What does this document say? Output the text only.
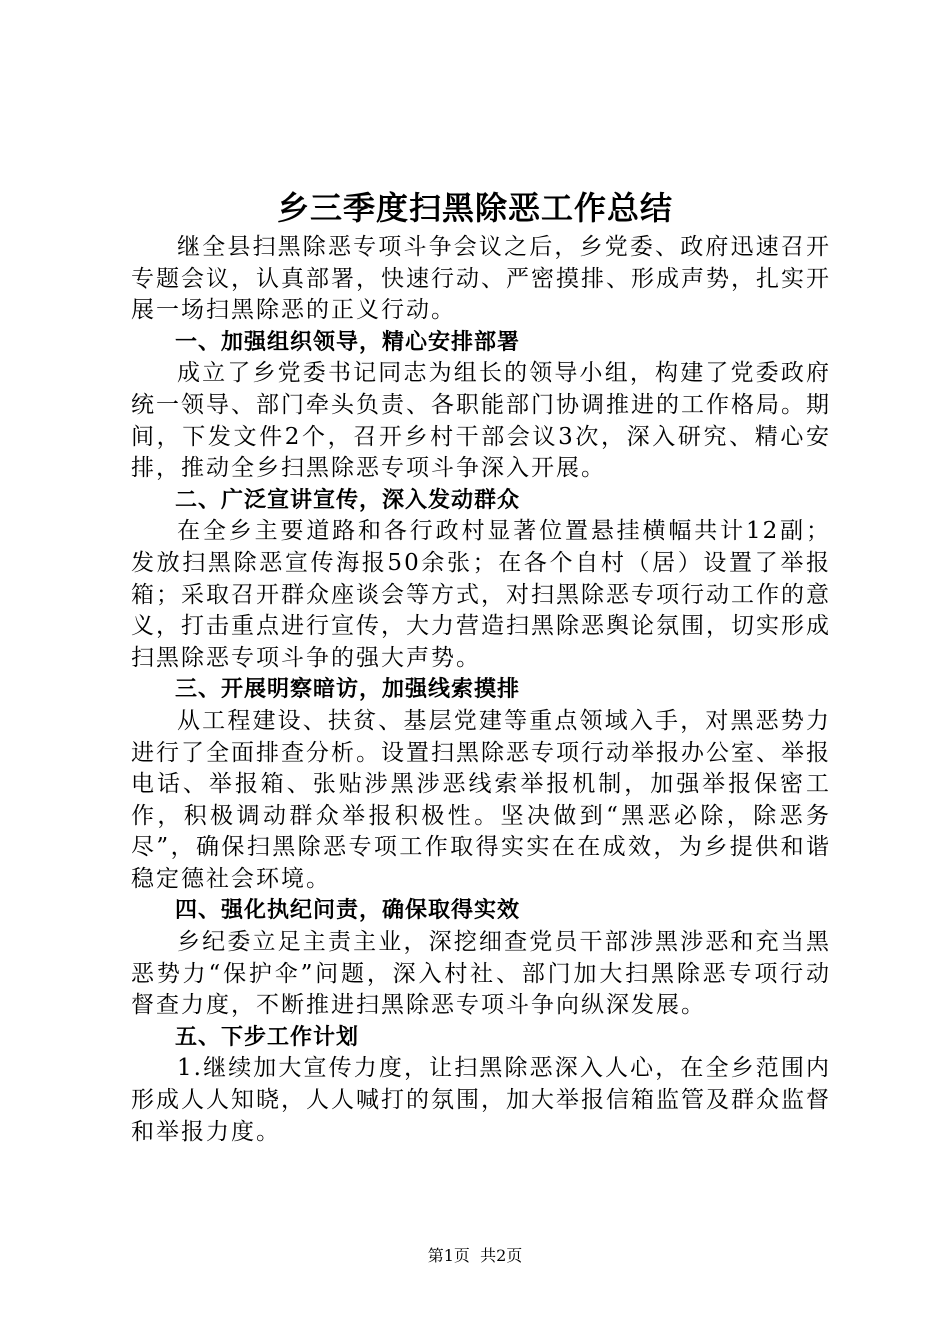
乡三季度扫黑除恶工作总结

继全县扫黑除恶专项斗争会议之后，乡党委、政府迅速召开专题会议，认真部署，快速行动、严密摸排、形成声势，扎实开展一场扫黑除恶的正义行动。

一、加强组织领导，精心安排部署

成立了乡党委书记同志为组长的领导小组，构建了党委政府统一领导、部门牵头负责、各职能部门协调推进的工作格局。期间，下发文件2个，召开乡村干部会议3次，深入研究、精心安排，推动全乡扫黑除恶专项斗争深入开展。

二、广泛宣讲宣传，深入发动群众

在全乡主要道路和各行政村显著位置悬挂横幅共计12副；发放扫黑除恶宣传海报50余张；在各个自村（居）设置了举报箱；采取召开群众座谈会等方式，对扫黑除恶专项行动工作的意义，打击重点进行宣传，大力营造扫黑除恶舆论氛围，切实形成扫黑除恶专项斗争的强大声势。

三、开展明察暗访，加强线索摸排

从工程建设、扶贫、基层党建等重点领域入手，对黑恶势力进行了全面排查分析。设置扫黑除恶专项行动举报办公室、举报电话、举报箱、张贴涉黑涉恶线索举报机制，加强举报保密工作，积极调动群众举报积极性。坚决做到“黑恶必除，除恶务尽”，确保扫黑除恶专项工作取得实实在在成效，为乡提供和谐稳定德社会环境。

四、强化执纪问责，确保取得实效

乡纪委立足主责主业，深挖细查党员干部涉黑涉恶和充当黑恶势力“保护伞”问题，深入村社、部门加大扫黑除恶专项行动督查力度，不断推进扫黑除恶专项斗争向纵深发展。

五、下步工作计划

1.继续加大宣传力度，让扫黑除恶深入人心，在全乡范围内形成人人知晓，人人喊打的氛围，加大举报信箱监管及群众监督和举报力度。

第1页 共2页
